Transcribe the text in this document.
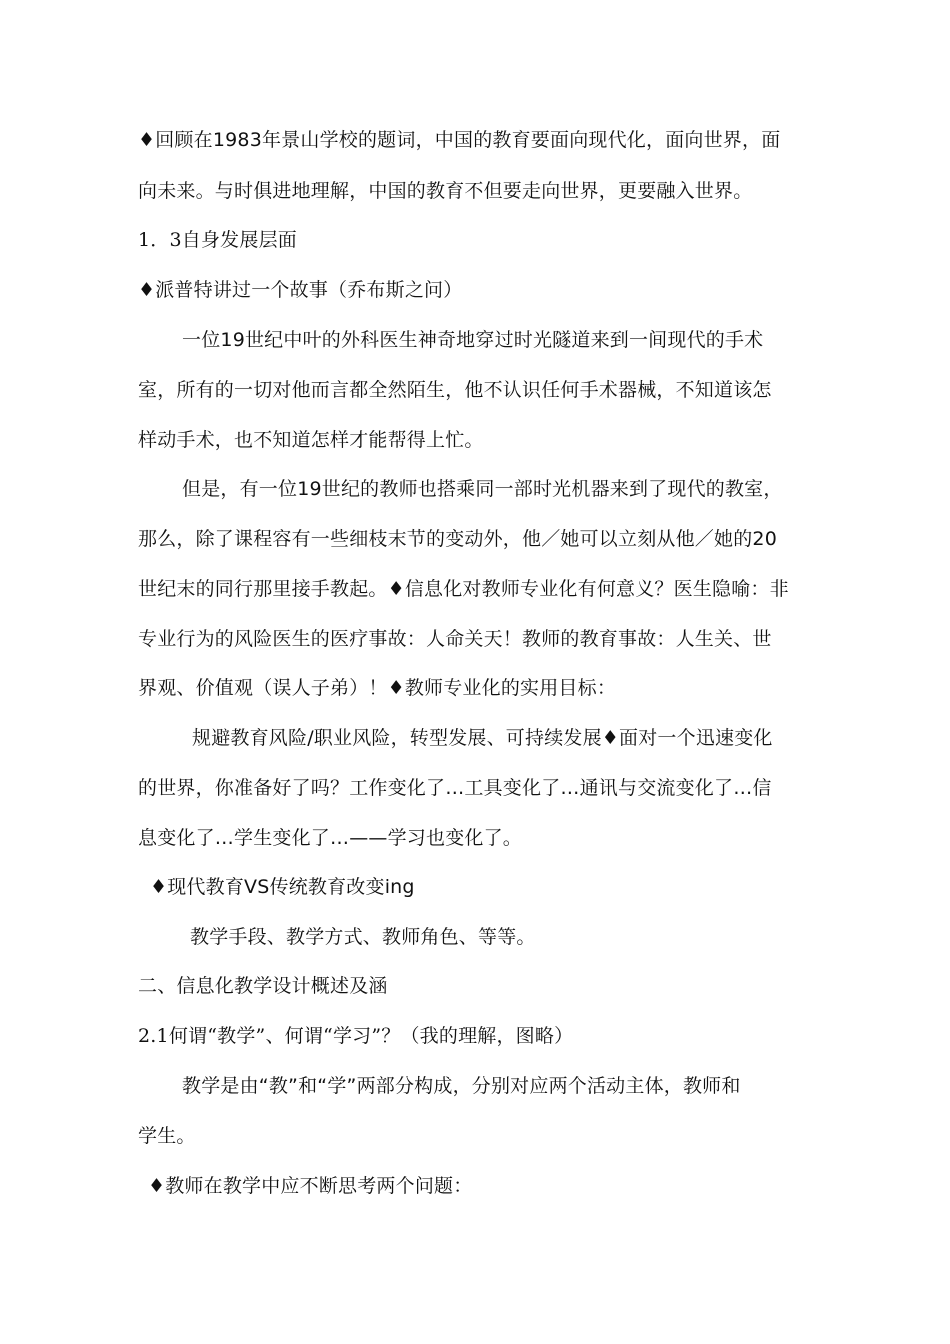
♦回顾在1983年景山学校的题词，中国的教育要面向现代化，面向世界，面
向未来。与时俱进地理解，中国的教育不但要走向世界，更要融入世界。
1．3自身发展层面
♦派普特讲过一个故事（乔布斯之问）
一位19世纪中叶的外科医生神奇地穿过时光隧道来到一间现代的手术
室，所有的一切对他而言都全然陌生，他不认识任何手术器械，不知道该怎
样动手术，也不知道怎样才能帮得上忙。
但是，有一位19世纪的教师也搭乘同一部时光机器来到了现代的教室，
那么，除了课程容有一些细枝末节的变动外，他／她可以立刻从他／她的20
世纪末的同行那里接手教起。♦信息化对教师专业化有何意义？医生隐喻：非
专业行为的风险医生的医疗事故：人命关天！教师的教育事故：人生关、世
界观、价值观（误人子弟）！♦教师专业化的实用目标：
规避教育风险/职业风险，转型发展、可持续发展♦面对一个迅速变化
的世界，你准备好了吗？工作变化了…工具变化了…通讯与交流变化了…信
息变化了…学生变化了…——学习也变化了。
♦现代教育VS传统教育改变ing
教学手段、教学方式、教师角色、等等。
二、信息化教学设计概述及涵
2.1何谓“教学”、何谓“学习”？（我的理解，图略）
教学是由“教”和“学”两部分构成，分别对应两个活动主体，教师和
学生。
♦教师在教学中应不断思考两个问题：
